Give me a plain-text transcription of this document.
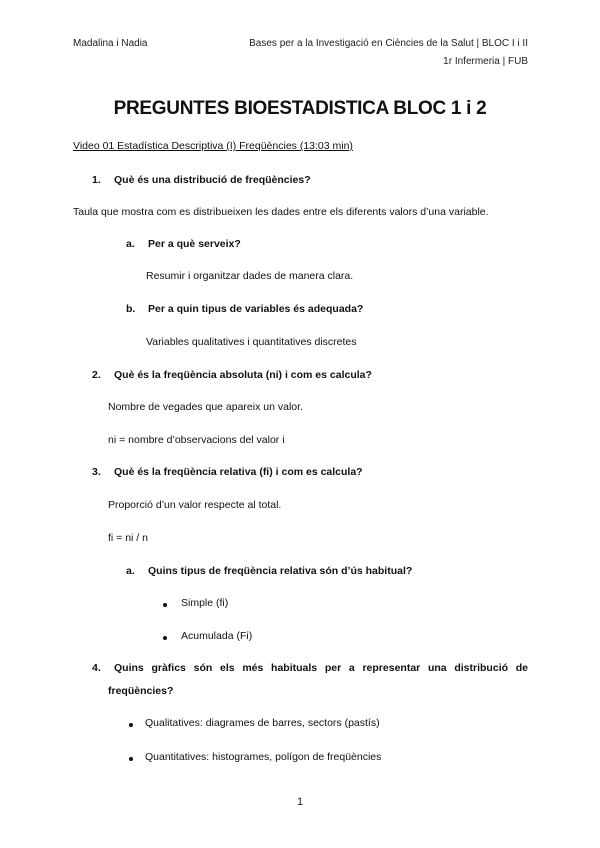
Madalina i Nadia	Bases per a la Investigació en Ciències de la Salut | BLOC I i II
1r Infermeria | FUB
PREGUNTES BIOESTADISTICA BLOC 1 i 2
Video 01 Estadística Descriptiva (I) Freqüències (13:03 min)
1. Què és una distribució de freqüències?
Taula que mostra com es distribueixen les dades entre els diferents valors d’una variable.
a. Per a què serveix?
Resumir i organitzar dades de manera clara.
b. Per a quin tipus de variables és adequada?
Variables qualitatives i quantitatives discretes
2. Què és la freqüència absoluta (ni) i com es calcula?
Nombre de vegades que apareix un valor.
ni = nombre d’observacions del valor i
3. Què és la freqüència relativa (fi) i com es calcula?
Proporció d’un valor respecte al total.
fi = ni / n
a. Quins tipus de freqüència relativa són d’ús habitual?
Simple (fi)
Acumulada (Fi)
4. Quins gràfics són els més habituals per a representar una distribució de
freqüències?
Qualitatives: diagrames de barres, sectors (pastís)
Quantitatives: histogrames, polígon de freqüències
1
